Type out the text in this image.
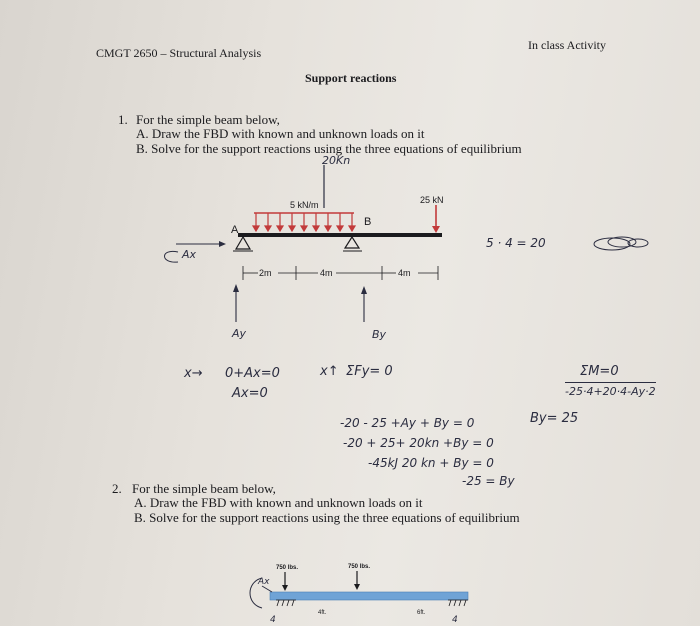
CMGT 2650 – Structural Analysis
In class Activity
Support reactions
1. For the simple beam below,
A. Draw the FBD with known and unknown loads on it
B. Solve for the support reactions using the three equations of equilibrium
20Kn
5 kN/m	25 kN
A
B
2m	4m	4m
Ax
Ay	By
5 · 4 = 20
x→ 0+Ax=0
Ax=0
x↑ ΣFy= 0	ΣM=0
-25·4+20·4-Ay·2
-20 - 25 +Ay + By = 0	By= 25
-20 + 25+ 20kn +By = 0
-45kJ 20 kn + By = 0
-25 = By
2. For the simple beam below,
A. Draw the FBD with known and unknown loads on it
B. Solve for the support reactions using the three equations of equilibrium
750 lbs.	750 lbs.
4ft.	6ft.
Ax
4	4
